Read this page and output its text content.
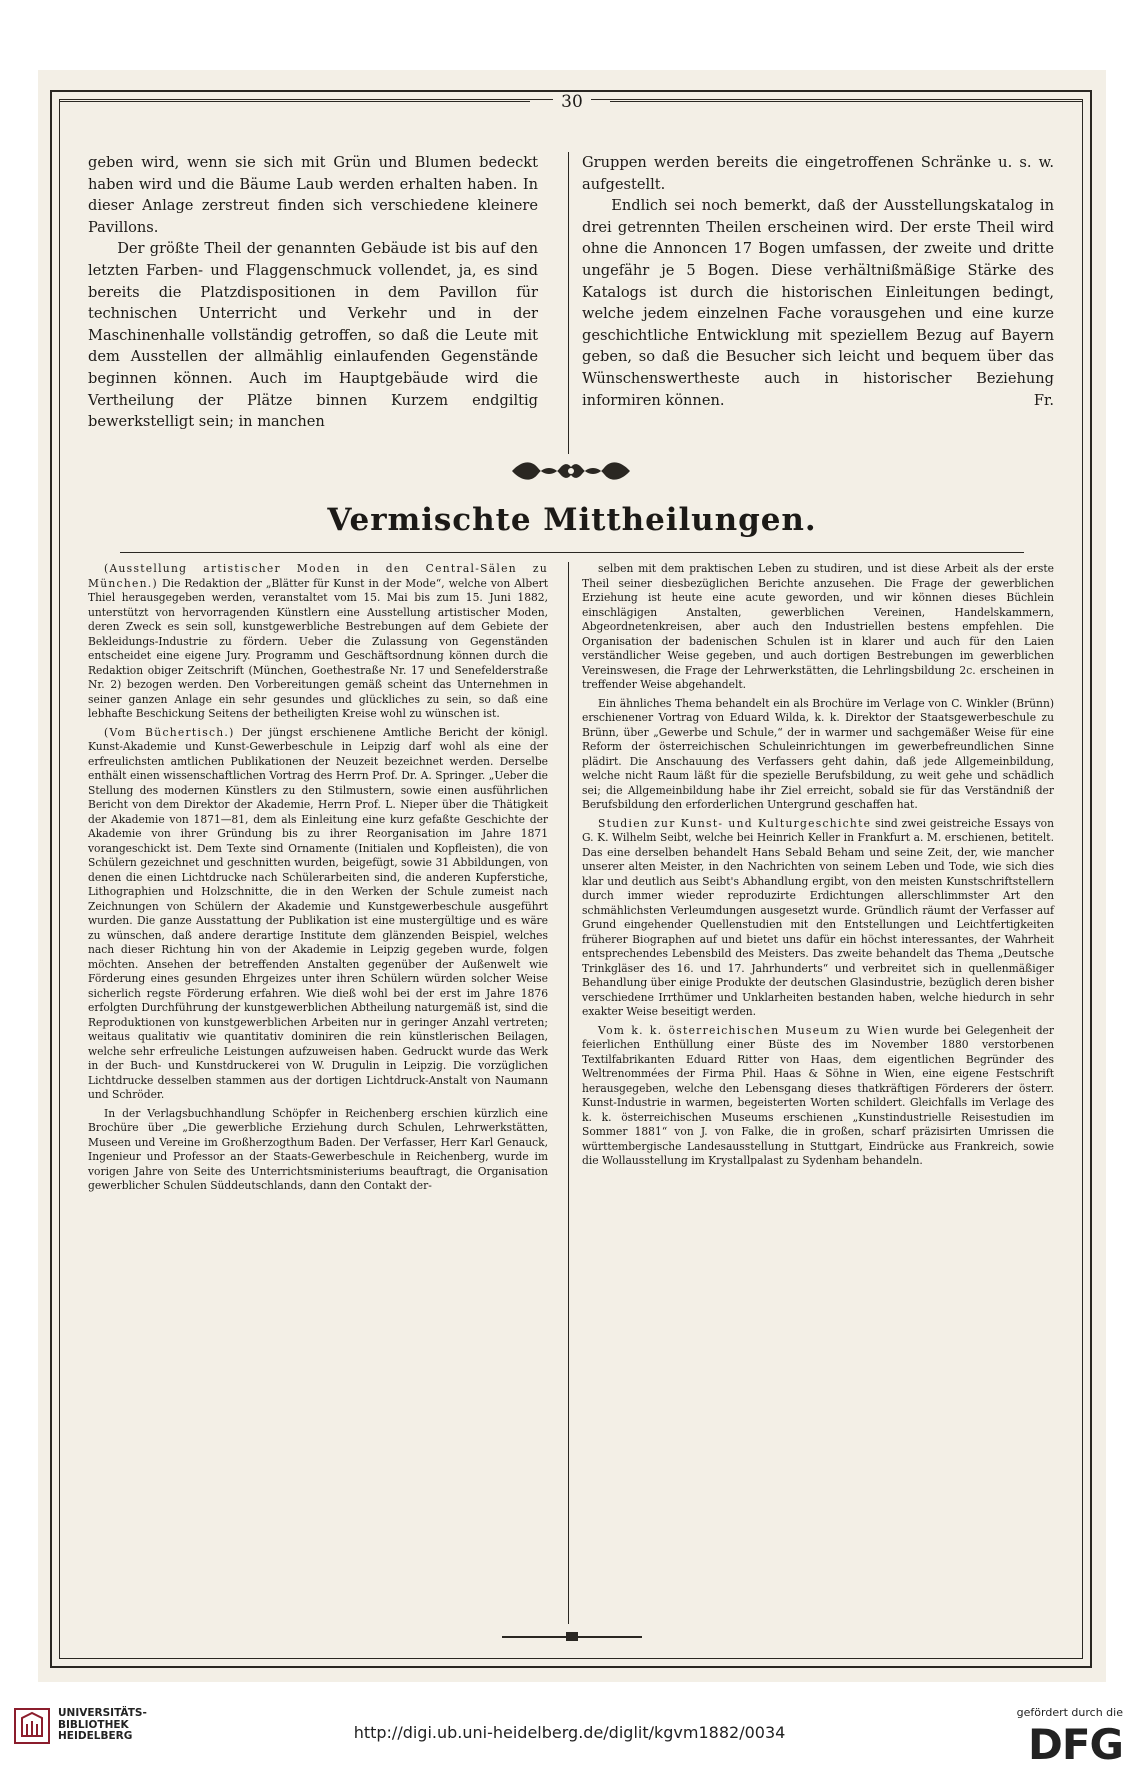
30

geben wird, wenn sie sich mit Grün und Blumen bedeckt haben wird und die Bäume Laub werden erhalten haben. In dieser Anlage zerstreut finden sich verschiedene kleinere Pavillons.

Der größte Theil der genannten Gebäude ist bis auf den letzten Farben- und Flaggenschmuck vollendet, ja, es sind bereits die Platzdispositionen in dem Pavillon für technischen Unterricht und Verkehr und in der Maschinenhalle vollständig getroffen, so daß die Leute mit dem Ausstellen der allmählig einlaufenden Gegenstände beginnen können. Auch im Hauptgebäude wird die Vertheilung der Plätze binnen Kurzem endgiltig bewerkstelligt sein; in manchen

Gruppen werden bereits die eingetroffenen Schränke u. s. w. aufgestellt.

Endlich sei noch bemerkt, daß der Ausstellungskatalog in drei getrennten Theilen erscheinen wird. Der erste Theil wird ohne die Annoncen 17 Bogen umfassen, der zweite und dritte ungefähr je 5 Bogen. Diese verhältnißmäßige Stärke des Katalogs ist durch die historischen Einleitungen bedingt, welche jedem einzelnen Fache vorausgehen und eine kurze geschichtliche Entwicklung mit speziellem Bezug auf Bayern geben, so daß die Besucher sich leicht und bequem über das Wünschenswertheste auch in historischer Beziehung informiren können.	Fr.

Vermischte Mittheilungen.

(Ausstellung artistischer Moden in den Central-Sälen zu München.) Die Redaktion der „Blätter für Kunst in der Mode“, welche von Albert Thiel herausgegeben werden, veranstaltet vom 15. Mai bis zum 15. Juni 1882, unterstützt von hervorragenden Künstlern eine Ausstellung artistischer Moden, deren Zweck es sein soll, kunstgewerbliche Bestrebungen auf dem Gebiete der Bekleidungs-Industrie zu fördern. Ueber die Zulassung von Gegenständen entscheidet eine eigene Jury. Programm und Geschäftsordnung können durch die Redaktion obiger Zeitschrift (München, Goethestraße Nr. 17 und Senefelderstraße Nr. 2) bezogen werden. Den Vorbereitungen gemäß scheint das Unternehmen in seiner ganzen Anlage ein sehr gesundes und glückliches zu sein, so daß eine lebhafte Beschickung Seitens der betheiligten Kreise wohl zu wünschen ist.

(Vom Büchertisch.) Der jüngst erschienene Amtliche Bericht der königl. Kunst-Akademie und Kunst-Gewerbeschule in Leipzig darf wohl als eine der erfreulichsten amtlichen Publikationen der Neuzeit bezeichnet werden. Derselbe enthält einen wissenschaftlichen Vortrag des Herrn Prof. Dr. A. Springer. „Ueber die Stellung des modernen Künstlers zu den Stilmustern, sowie einen ausführlichen Bericht von dem Direktor der Akademie, Herrn Prof. L. Nieper über die Thätigkeit der Akademie von 1871—81, dem als Einleitung eine kurz gefaßte Geschichte der Akademie von ihrer Gründung bis zu ihrer Reorganisation im Jahre 1871 vorangeschickt ist. Dem Texte sind Ornamente (Initialen und Kopfleisten), die von Schülern gezeichnet und geschnitten wurden, beigefügt, sowie 31 Abbildungen, von denen die einen Lichtdrucke nach Schülerarbeiten sind, die anderen Kupferstiche, Lithographien und Holzschnitte, die in den Werken der Schule zumeist nach Zeichnungen von Schülern der Akademie und Kunstgewerbeschule ausgeführt wurden. Die ganze Ausstattung der Publikation ist eine mustergültige und es wäre zu wünschen, daß andere derartige Institute dem glänzenden Beispiel, welches nach dieser Richtung hin von der Akademie in Leipzig gegeben wurde, folgen möchten. Ansehen der betreffenden Anstalten gegenüber der Außenwelt wie Förderung eines gesunden Ehrgeizes unter ihren Schülern würden solcher Weise sicherlich regste Förderung erfahren. Wie dieß wohl bei der erst im Jahre 1876 erfolgten Durchführung der kunstgewerblichen Abtheilung naturgemäß ist, sind die Reproduktionen von kunstgewerblichen Arbeiten nur in geringer Anzahl vertreten; weitaus qualitativ wie quantitativ dominiren die rein künstlerischen Beilagen, welche sehr erfreuliche Leistungen aufzuweisen haben. Gedruckt wurde das Werk in der Buch- und Kunstdruckerei von W. Drugulin in Leipzig. Die vorzüglichen Lichtdrucke desselben stammen aus der dortigen Lichtdruck-Anstalt von Naumann und Schröder.

In der Verlagsbuchhandlung Schöpfer in Reichenberg erschien kürzlich eine Brochüre über „Die gewerbliche Erziehung durch Schulen, Lehrwerkstätten, Museen und Vereine im Großherzogthum Baden. Der Verfasser, Herr Karl Genauck, Ingenieur und Professor an der Staats-Gewerbeschule in Reichenberg, wurde im vorigen Jahre von Seite des Unterrichtsministeriums beauftragt, die Organisation gewerblicher Schulen Süddeutschlands, dann den Contakt der-

selben mit dem praktischen Leben zu studiren, und ist diese Arbeit als der erste Theil seiner diesbezüglichen Berichte anzusehen. Die Frage der gewerblichen Erziehung ist heute eine acute geworden, und wir können dieses Büchlein einschlägigen Anstalten, gewerblichen Vereinen, Handelskammern, Abgeordnetenkreisen, aber auch den Industriellen bestens empfehlen. Die Organisation der badenischen Schulen ist in klarer und auch für den Laien verständlicher Weise gegeben, und auch dortigen Bestrebungen im gewerblichen Vereinswesen, die Frage der Lehrwerkstätten, die Lehrlingsbildung 2c. erscheinen in treffender Weise abgehandelt.

Ein ähnliches Thema behandelt ein als Brochüre im Verlage von C. Winkler (Brünn) erschienener Vortrag von Eduard Wilda, k. k. Direktor der Staatsgewerbeschule zu Brünn, über „Gewerbe und Schule,“ der in warmer und sachgemäßer Weise für eine Reform der österreichischen Schuleinrichtungen im gewerbefreundlichen Sinne plädirt. Die Anschauung des Verfassers geht dahin, daß jede Allgemeinbildung, welche nicht Raum läßt für die spezielle Berufsbildung, zu weit gehe und schädlich sei; die Allgemeinbildung habe ihr Ziel erreicht, sobald sie für das Verständniß der Berufsbildung den erforderlichen Untergrund geschaffen hat.

Studien zur Kunst- und Kulturgeschichte sind zwei geistreiche Essays von G. K. Wilhelm Seibt, welche bei Heinrich Keller in Frankfurt a. M. erschienen, betitelt. Das eine derselben behandelt Hans Sebald Beham und seine Zeit, der, wie mancher unserer alten Meister, in den Nachrichten von seinem Leben und Tode, wie sich dies klar und deutlich aus Seibt's Abhandlung ergibt, von den meisten Kunstschriftstellern durch immer wieder reproduzirte Erdichtungen allerschlimmster Art den schmählichsten Verleumdungen ausgesetzt wurde. Gründlich räumt der Verfasser auf Grund eingehender Quellenstudien mit den Entstellungen und Leichtfertigkeiten früherer Biographen auf und bietet uns dafür ein höchst interessantes, der Wahrheit entsprechendes Lebensbild des Meisters. Das zweite behandelt das Thema „Deutsche Trinkgläser des 16. und 17. Jahrhunderts“ und verbreitet sich in quellenmäßiger Behandlung über einige Produkte der deutschen Glasindustrie, bezüglich deren bisher verschiedene Irrthümer und Unklarheiten bestanden haben, welche hiedurch in sehr exakter Weise beseitigt werden.

Vom k. k. österreichischen Museum zu Wien wurde bei Gelegenheit der feierlichen Enthüllung einer Büste des im November 1880 verstorbenen Textilfabrikanten Eduard Ritter von Haas, dem eigentlichen Begründer des Weltrenommées der Firma Phil. Haas & Söhne in Wien, eine eigene Festschrift herausgegeben, welche den Lebensgang dieses thatkräftigen Förderers der österr. Kunst-Industrie in warmen, begeisterten Worten schildert. Gleichfalls im Verlage des k. k. österreichischen Museums erschienen „Kunstindustrielle Reisestudien im Sommer 1881“ von J. von Falke, die in großen, scharf präzisirten Umrissen die württembergische Landesausstellung in Stuttgart, Eindrücke aus Frankreich, sowie die Wollausstellung im Krystallpalast zu Sydenham behandeln.

UNIVERSITÄTS-
BIBLIOTHEK
HEIDELBERG	http://digi.ub.uni-heidelberg.de/diglit/kgvm1882/0034
gefördert durch die
DFG
